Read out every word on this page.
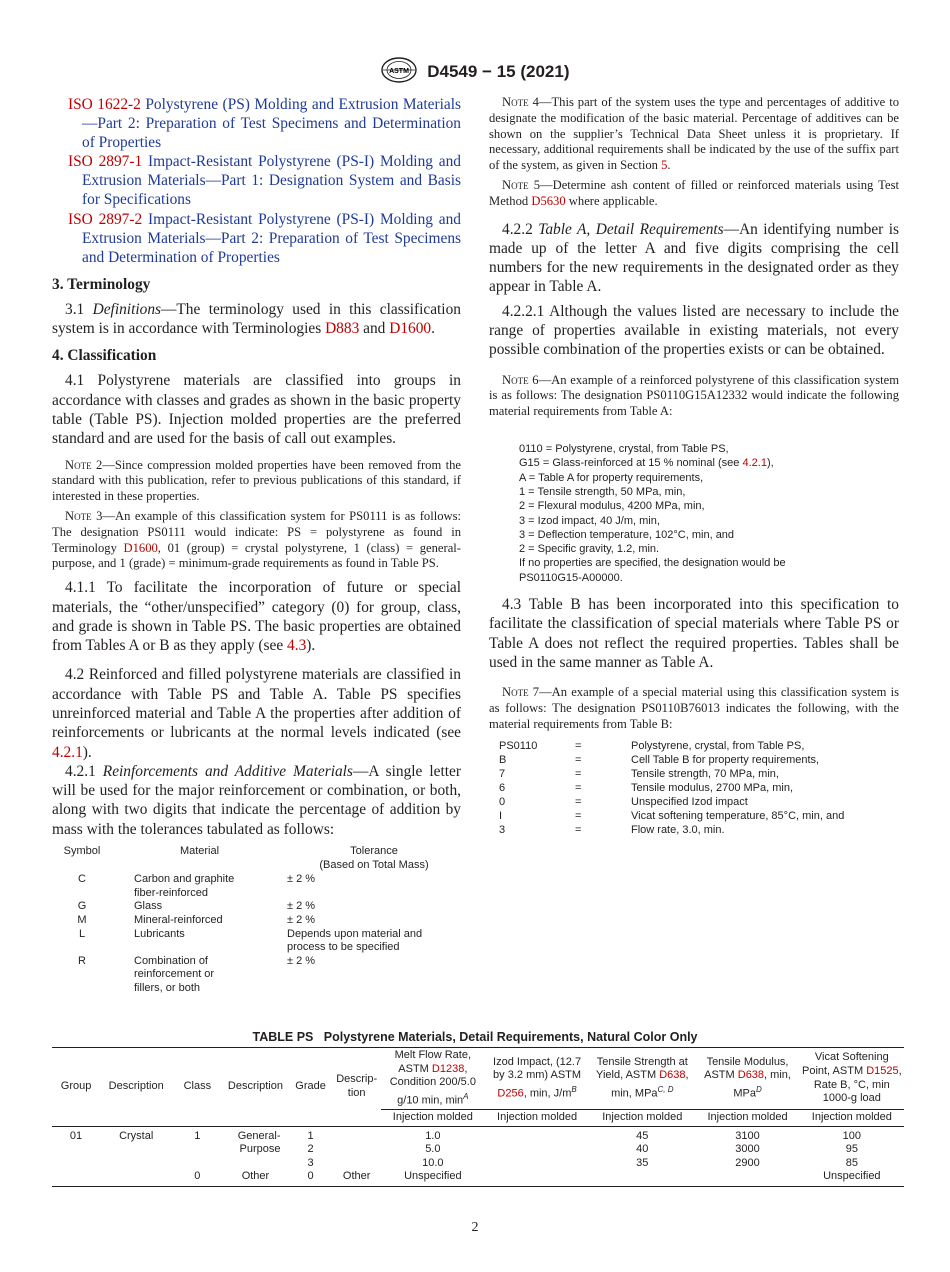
ASTM D4549 − 15 (2021)

ISO 1622-2 Polystyrene (PS) Molding and Extrusion Materials—Part 2: Preparation of Test Specimens and Determination of Properties

ISO 2897-1 Impact-Resistant Polystyrene (PS-I) Molding and Extrusion Materials—Part 1: Designation System and Basis for Specifications

ISO 2897-2 Impact-Resistant Polystyrene (PS-I) Molding and Extrusion Materials—Part 2: Preparation of Test Specimens and Determination of Properties

3. Terminology

3.1 Definitions—The terminology used in this classification system is in accordance with Terminologies D883 and D1600.

4. Classification

4.1 Polystyrene materials are classified into groups in accordance with classes and grades as shown in the basic property table (Table PS). Injection molded properties are the preferred standard and are used for the basis of call out examples.

Note 2—Since compression molded properties have been removed from the standard with this publication, refer to previous publications of this standard, if interested in these properties.

Note 3—An example of this classification system for PS0111 is as follows: The designation PS0111 would indicate: PS = polystyrene as found in Terminology D1600, 01 (group) = crystal polystyrene, 1 (class) = general-purpose, and 1 (grade) = minimum-grade requirements as found in Table PS.

4.1.1 To facilitate the incorporation of future or special materials, the “other/unspecified” category (0) for group, class, and grade is shown in Table PS. The basic properties are obtained from Tables A or B as they apply (see 4.3).

4.2 Reinforced and filled polystyrene materials are classified in accordance with Table PS and Table A. Table PS specifies unreinforced material and Table A the properties after addition of reinforcements or lubricants at the normal levels indicated (see 4.2.1).

4.2.1 Reinforcements and Additive Materials—A single letter will be used for the major reinforcement or combination, or both, along with two digits that indicate the percentage of addition by mass with the tolerances tabulated as follows:

Symbol	Material	Tolerance
(Based on Total Mass)

C	Carbon and graphite fiber-reinforced	± 2 %
G	Glass	± 2 %
M	Mineral-reinforced	± 2 %
L	Lubricants	Depends upon material and process to be specified
R	Combination of reinforcement or fillers, or both	± 2 %

Note 4—This part of the system uses the type and percentages of additive to designate the modification of the basic material. Percentage of additives can be shown on the supplier’s Technical Data Sheet unless it is proprietary. If necessary, additional requirements shall be indicated by the use of the suffix part of the system, as given in Section 5.

Note 5—Determine ash content of filled or reinforced materials using Test Method D5630 where applicable.

4.2.2 Table A, Detail Requirements—An identifying number is made up of the letter A and five digits comprising the cell numbers for the new requirements in the designated order as they appear in Table A.

4.2.2.1 Although the values listed are necessary to include the range of properties available in existing materials, not every possible combination of the properties exists or can be obtained.

Note 6—An example of a reinforced polystyrene of this classification system is as follows: The designation PS0110G15A12332 would indicate the following material requirements from Table A:

0110 = Polystyrene, crystal, from Table PS,
G15 = Glass-reinforced at 15 % nominal (see 4.2.1),
A = Table A for property requirements,
1 = Tensile strength, 50 MPa, min,
2 = Flexural modulus, 4200 MPa, min,
3 = Izod impact, 40 J/m, min,
3 = Deflection temperature, 102°C, min, and
2 = Specific gravity, 1.2, min.
If no properties are specified, the designation would be
PS0110G15-A00000.

4.3 Table B has been incorporated into this specification to facilitate the classification of special materials where Table PS or Table A does not reflect the required properties. Tables shall be used in the same manner as Table A.

Note 7—An example of a special material using this classification system is as follows: The designation PS0110B76013 indicates the following, with the material requirements from Table B:

PS0110	=	Polystyrene, crystal, from Table PS,
B	=	Cell Table B for property requirements,
7	=	Tensile strength, 70 MPa, min,
6	=	Tensile modulus, 2700 MPa, min,
0	=	Unspecified Izod impact
I	=	Vicat softening temperature, 85°C, min, and
3	=	Flow rate, 3.0, min.
TABLE PS   Polystyrene Materials, Detail Requirements, Natural Color Only
Group	Description	Class	Description	Grade	Descrip-tion	Melt Flow Rate, ASTM D1238, Condition 200/5.0 g/10 min, $\min^A$	Izod Impact, (12.7 by 3.2 mm) ASTM D256, min, $J/m^B$	Tensile Strength at Yield, ASTM D638, min, MPa$^{C, D}$	Tensile Modulus, ASTM D638, min, MPa$^D$	Vicat Softening Point, ASTM D1525, Rate B, °C, min 1000-g load
						Injection molded	Injection molded	Injection molded	Injection molded	Injection molded
01	Crystal	1	General-	1		1.0		45	3100	100
			Purpose	2		5.0		40	3000	95
				3		10.0		35	2900	85
		0	Other	0	Other	Unspecified				Unspecified
2
